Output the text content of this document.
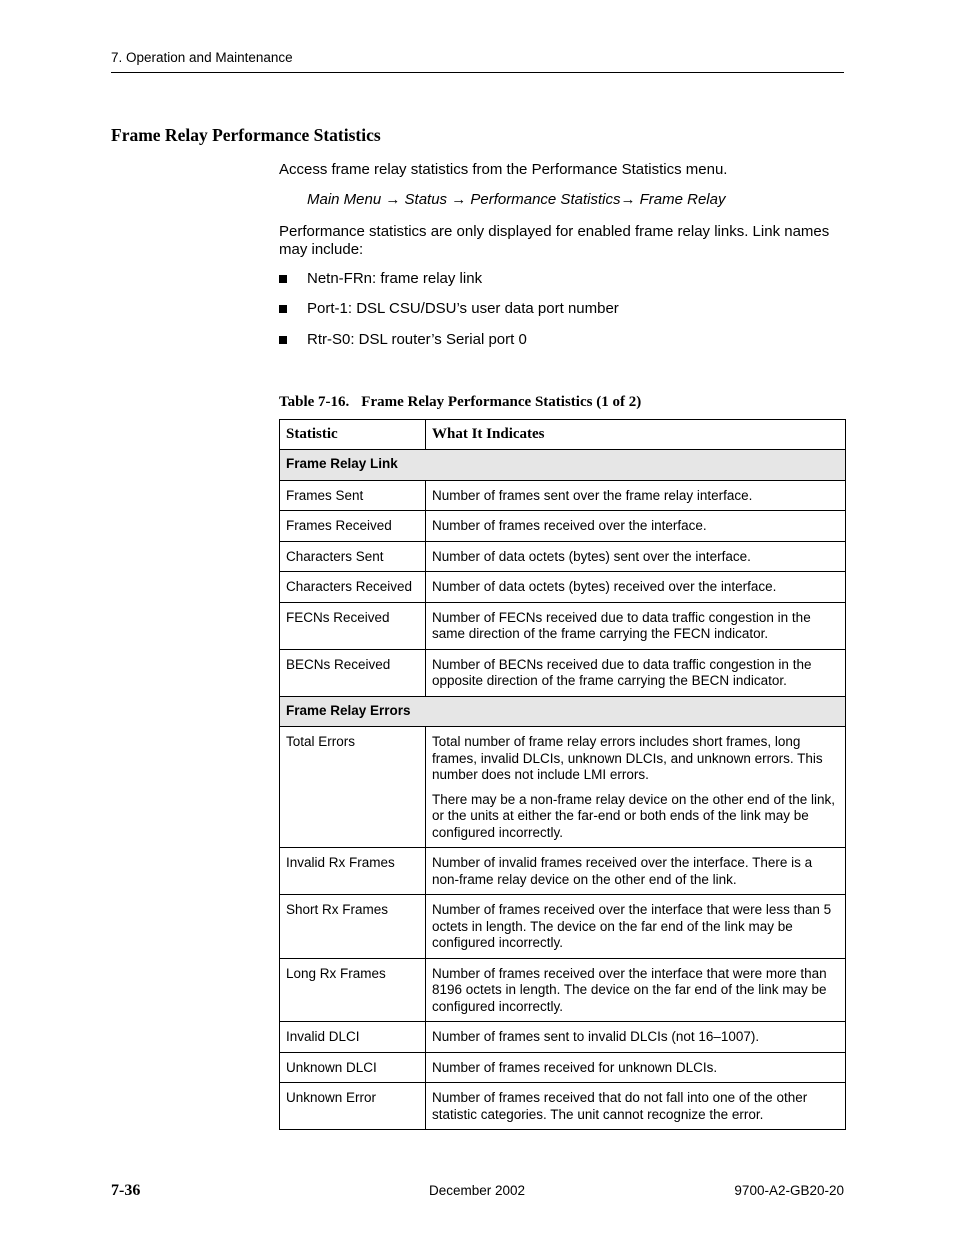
7. Operation and Maintenance
Frame Relay Performance Statistics
Access frame relay statistics from the Performance Statistics menu.
Main Menu → Status → Performance Statistics→ Frame Relay
Performance statistics are only displayed for enabled frame relay links. Link names may include:
Netn-FRn: frame relay link
Port-1: DSL CSU/DSU’s user data port number
Rtr-S0: DSL router’s Serial port 0
Table 7-16. Frame Relay Performance Statistics (1 of 2)
Statistic	What It Indicates
Frame Relay Link	
Frames Sent	Number of frames sent over the frame relay interface.
Frames Received	Number of frames received over the interface.
Characters Sent	Number of data octets (bytes) sent over the interface.
Characters Received	Number of data octets (bytes) received over the interface.
FECNs Received	Number of FECNs received due to data traffic congestion in the same direction of the frame carrying the FECN indicator.
BECNs Received	Number of BECNs received due to data traffic congestion in the opposite direction of the frame carrying the BECN indicator.
Frame Relay Errors	
Total Errors	Total number of frame relay errors includes short frames, long frames, invalid DLCIs, unknown DLCIs, and unknown errors. This number does not include LMI errors.
There may be a non-frame relay device on the other end of the link, or the units at either the far-end or both ends of the link may be configured incorrectly.

Invalid Rx Frames	Number of invalid frames received over the interface. There is a non-frame relay device on the other end of the link.
Short Rx Frames	Number of frames received over the interface that were less than 5 octets in length. The device on the far end of the link may be configured incorrectly.
Long Rx Frames	Number of frames received over the interface that were more than 8196 octets in length. The device on the far end of the link may be configured incorrectly.
Invalid DLCI	Number of frames sent to invalid DLCIs (not 16–1007).
Unknown DLCI	Number of frames received for unknown DLCIs.
Unknown Error	Number of frames received that do not fall into one of the other statistic categories. The unit cannot recognize the error.
7-36	December 2002	9700-A2-GB20-20
